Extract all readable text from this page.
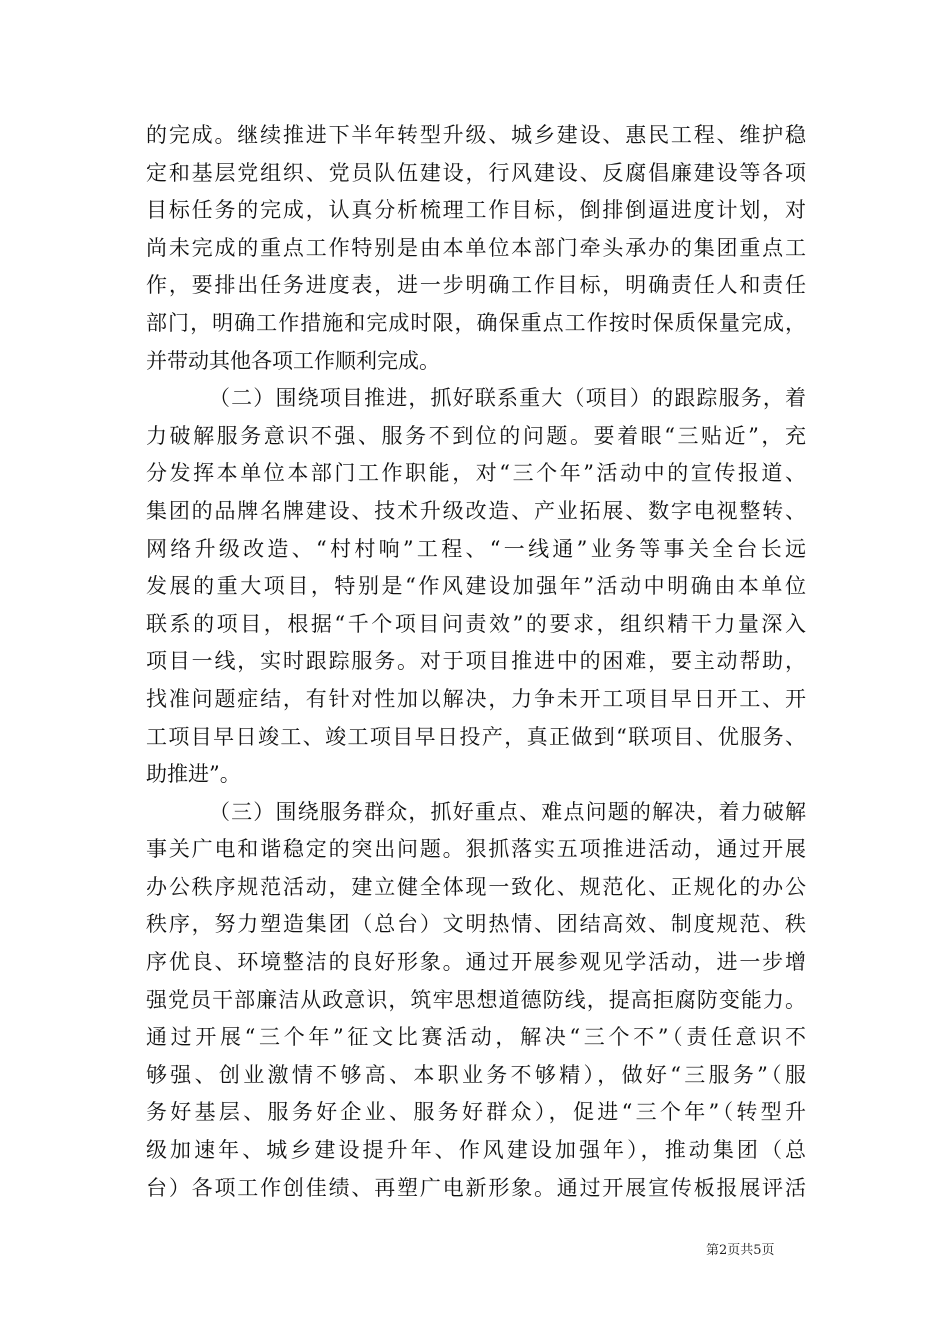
的完成。继续推进下半年转型升级、城乡建设、惠民工程、维护稳
定和基层党组织、党员队伍建设，行风建设、反腐倡廉建设等各项
目标任务的完成，认真分析梳理工作目标，倒排倒逼进度计划，对
尚未完成的重点工作特别是由本单位本部门牵头承办的集团重点工
作，要排出任务进度表，进一步明确工作目标，明确责任人和责任
部门，明确工作措施和完成时限，确保重点工作按时保质保量完成，
并带动其他各项工作顺利完成。
（二）围绕项目推进，抓好联系重大（项目）的跟踪服务，着
力破解服务意识不强、服务不到位的问题。要着眼“三贴近”，充
分发挥本单位本部门工作职能，对“三个年”活动中的宣传报道、
集团的品牌名牌建设、技术升级改造、产业拓展、数字电视整转、
网络升级改造、“村村响”工程、“一线通”业务等事关全台长远
发展的重大项目，特别是“作风建设加强年”活动中明确由本单位
联系的项目，根据“千个项目问责效”的要求，组织精干力量深入
项目一线，实时跟踪服务。对于项目推进中的困难，要主动帮助，
找准问题症结，有针对性加以解决，力争未开工项目早日开工、开
工项目早日竣工、竣工项目早日投产，真正做到“联项目、优服务、
助推进”。
（三）围绕服务群众，抓好重点、难点问题的解决，着力破解
事关广电和谐稳定的突出问题。狠抓落实五项推进活动，通过开展
办公秩序规范活动，建立健全体现一致化、规范化、正规化的办公
秩序，努力塑造集团（总台）文明热情、团结高效、制度规范、秩
序优良、环境整洁的良好形象。通过开展参观见学活动，进一步增
强党员干部廉洁从政意识，筑牢思想道德防线，提高拒腐防变能力。
通过开展“三个年”征文比赛活动，解决“三个不”（责任意识不
够强、创业激情不够高、本职业务不够精），做好“三服务”（服
务好基层、服务好企业、服务好群众），促进“三个年”（转型升
级加速年、城乡建设提升年、作风建设加强年），推动集团（总
台）各项工作创佳绩、再塑广电新形象。通过开展宣传板报展评活
第2页共5页
